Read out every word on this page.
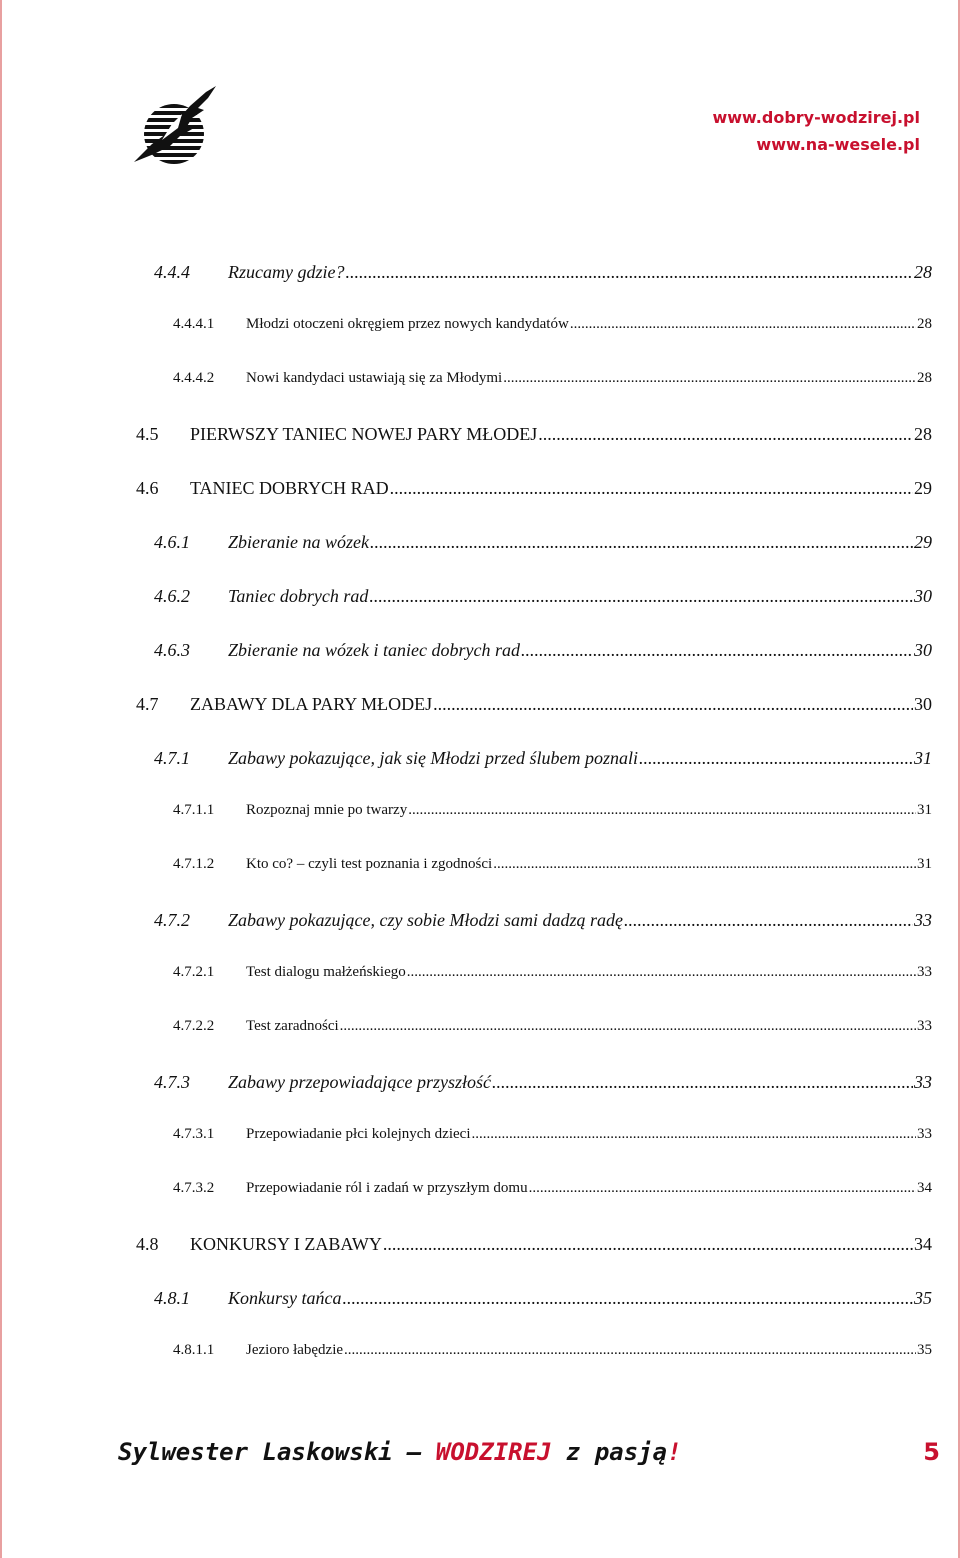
www.dobry-wodzirej.pl
www.na-wesele.pl
4.4.4 Rzucamy gdzie? .....	28
4.4.4.1 Młodzi otoczeni okręgiem przez nowych kandydatów .....	28
4.4.4.2 Nowi kandydaci ustawiają się za Młodymi .....	28
4.5 PIERWSZY TANIEC NOWEJ PARY MŁODEJ .....	28
4.6 TANIEC DOBRYCH RAD .....	29
4.6.1 Zbieranie na wózek .....	29
4.6.2 Taniec dobrych rad .....	30
4.6.3 Zbieranie na wózek i taniec dobrych rad .....	30
4.7 ZABAWY DLA PARY MŁODEJ .....	30
4.7.1 Zabawy pokazujące, jak się Młodzi przed ślubem poznali .....	31
4.7.1.1 Rozpoznaj mnie po twarzy .....	31
4.7.1.2 Kto co? – czyli test poznania i zgodności .....	31
4.7.2 Zabawy pokazujące, czy sobie Młodzi sami dadzą radę .....	33
4.7.2.1 Test dialogu małżeńskiego .....	33
4.7.2.2 Test zaradności .....	33
4.7.3 Zabawy przepowiadające przyszłość .....	33
4.7.3.1 Przepowiadanie płci kolejnych dzieci .....	33
4.7.3.2 Przepowiadanie ról i zadań w przyszłym domu .....	34
4.8 KONKURSY I ZABAWY .....	34
4.8.1 Konkursy tańca .....	35
4.8.1.1 Jezioro łabędzie .....	35
Sylwester Laskowski – WODZIREJ z pasją!	5
